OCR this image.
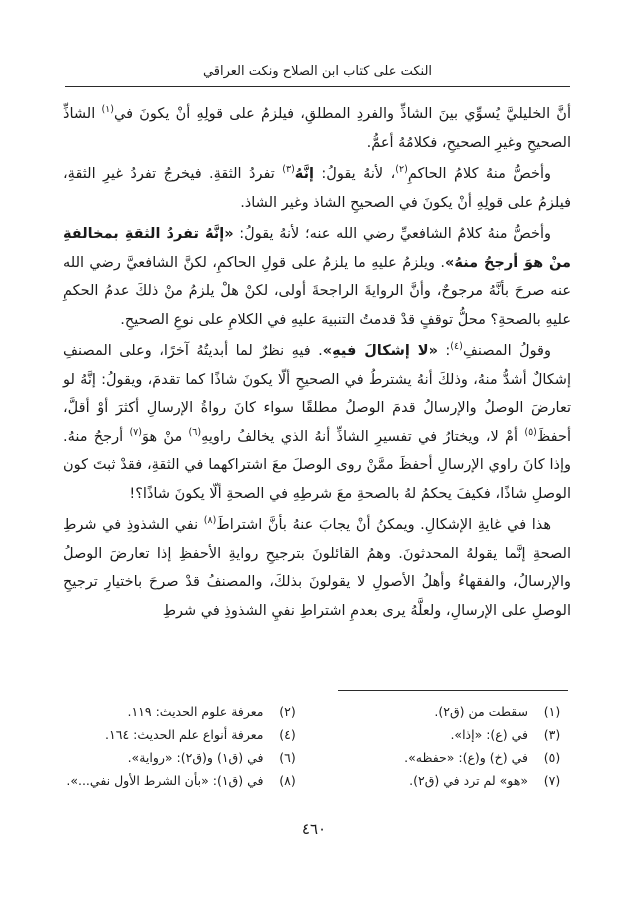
النكت على كتاب ابن الصلاح ونكت العراقي

أنَّ الخليليَّ يُسوِّي بينَ الشاذِّ والفردِ المطلقِ، فيلزمُ على قولِهِ أنْ يكونَ في$^{(١)}$ الشاذِّ الصحيحِ وغيرِ الصحيحِ، فكلامُهُ أعمُّ.

وأخصُّ منهُ كلامُ الحاكمِ$^{(٢)}$، لأنهُ يقولُ: إنَّهُ$^{(٣)}$ تفردُ الثقةِ. فيخرجُ تفردُ غيرِ الثقةِ، فيلزمُ على قولِهِ أنْ يكونَ في الصحيحِ الشاذ وغير الشاذ.

وأخصُّ منهُ كلامُ الشافعيِّ رضي الله عنه؛ لأنهُ يقولُ: «إنَّهُ تفردُ الثقةِ بمخالفةِ منْ هوَ أرجحُ منهُ». ويلزمُ عليهِ ما يلزمُ على قولِ الحاكمِ، لكنَّ الشافعيَّ رضي الله عنه صرحَ بأنَّهُ مرجوحٌ، وأنَّ الروايةَ الراجحةَ أولى، لكنْ هلْ يلزمُ منْ ذلكَ عدمُ الحكمِ عليهِ بالصحةِ؟ محلُّ توقفٍ قدْ قدمتُ التنبيهَ عليهِ في الكلامِ على نوعِ الصحيحِ.

وقولُ المصنفِ$^{(٤)}$: «لا إشكالَ فيهِ». فيهِ نظرٌ لما أبديتُهُ آخرًا، وعلى المصنفِ إشكالٌ أشدُّ منهُ، وذلكَ أنهُ يشترطُ في الصحيحِ ألّا يكونَ شاذًا كما تقدمَ، ويقولُ: إنَّهُ لو تعارضَ الوصلُ والإرسالُ قدمَ الوصلُ مطلقًا سواء كانَ رواةُ الإرسالِ أكثرَ أوْ أقلَّ، أحفظَ$^{(٥)}$ أمْ لا، ويختارُ في تفسيرِ الشاذِّ أنهُ الذي يخالفُ راويهِ$^{(٦)}$ منْ هوَ$^{(٧)}$ أرجحُ منهُ. وإذا كانَ راوي الإرسالِ أحفظَ ممَّنْ روى الوصلَ معَ اشتراكهما في الثقةِ، فقدْ ثبتَ كون الوصلِ شاذًا، فكيفَ يحكمُ لهُ بالصحةِ معَ شرطِهِ في الصحةِ ألّا يكونَ شاذًا؟!

هذا في غايةِ الإشكالِ. ويمكنُ أنْ يجابَ عنهُ بأنَّ اشتراطَ$^{(٨)}$ نفي الشذوذِ في شرطِ الصحةِ إنَّما يقولهُ المحدثونَ. وهمُ القائلونَ بترجيحِ روايةِ الأحفظِ إذا تعارضَ الوصلُ والإرسالُ، والفقهاءُ وأهلُ الأصولِ لا يقولونَ بذلكَ، والمصنفُ قدْ صرحَ باختيارِ ترجيحِ الوصلِ على الإرسالِ، ولعلَّهُ يرى بعدمِ اشتراطِ نفيِ الشذوذِ في شرطِ

(١)
سقطت من (ق٢).
(٢)
معرفة علوم الحديث: ١١٩.
(٣)
في (ع): «إذا».
(٤)
معرفة أنواع علم الحديث: ١٦٤.
(٥)
في (خ) و(ع): «حفظه».
(٦)
في (ق١) و(ق٢): «رواية».
(٧)
«هو» لم ترد في (ق٢).
(٨)
في (ق١): «بأن الشرط الأول نفي...».
٤٦٠
